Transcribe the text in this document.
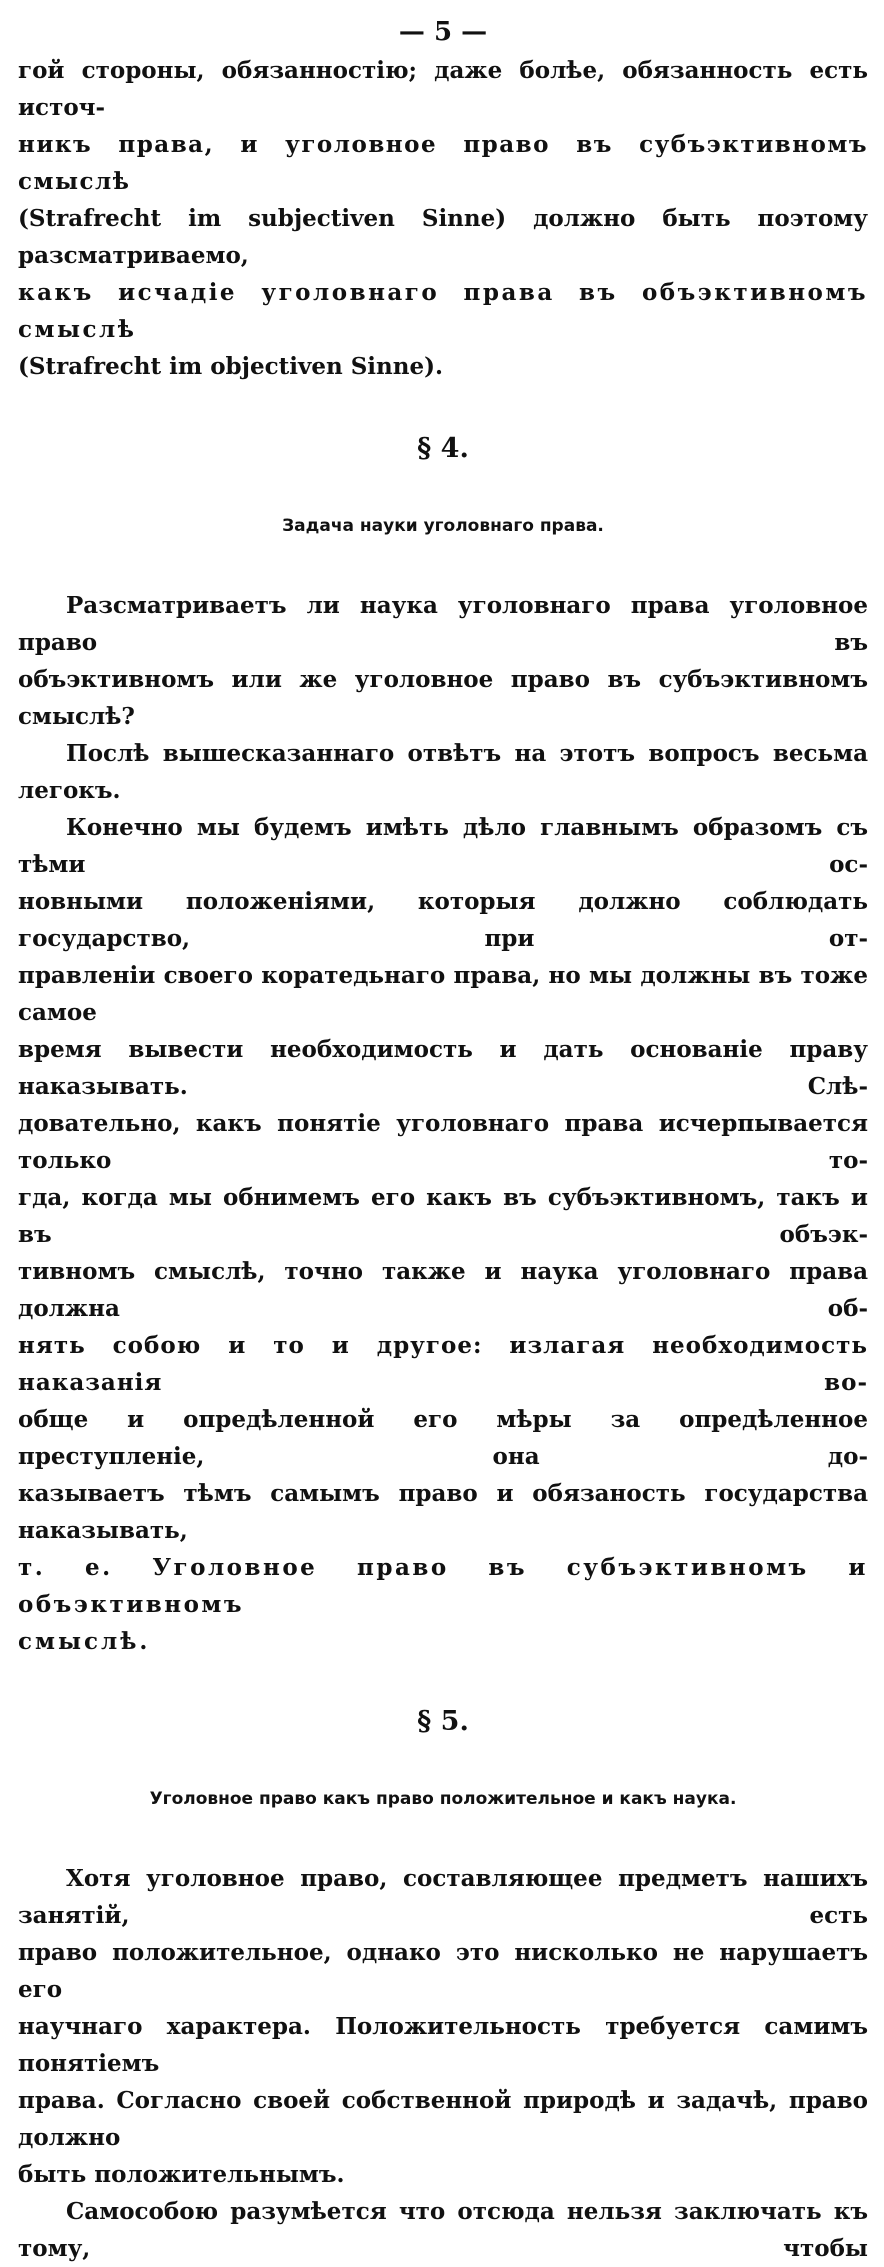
— 5 —
гой стороны, обязанностію; даже болѣе, обязанность есть источ-
никъ права, и уголовное право въ субъэктивномъ смыслѣ
(Strafrecht im subjectiven Sinne) должно быть поэтому разсматриваемо,
какъ исчадіе уголовнаго права въ объэктивномъ смыслѣ
(Strafrecht im objectiven Sinne).
§ 4.
Задача науки уголовнаго права.
Разсматриваетъ ли наука уголовнаго права уголовное право въ
объэктивномъ или же уголовное право въ субъэктивномъ смыслѣ?
Послѣ вышесказаннаго отвѣтъ на этотъ вопросъ весьма легокъ.
Конечно мы будемъ имѣть дѣло главнымъ образомъ съ тѣми ос-
новными положеніями, которыя должно соблюдать государство, при от-
правленіи своего коратедьнаго права, но мы должны въ тоже самое
время вывести необходимость и дать основаніе праву наказывать. Слѣ-
довательно, какъ понятіе уголовнаго права исчерпывается только то-
гда, когда мы обнимемъ его какъ въ субъэктивномъ, такъ и въ объэк-
тивномъ смыслѣ, точно также и наука уголовнаго права должна об-
нять собою и то и другое: излагая необходимость наказанія во-
обще и опредѣленной его мѣры за опредѣленное преступленіе, она до-
казываетъ тѣмъ самымъ право и обязаность государства наказывать,
т. е. Уголовное право въ субъэктивномъ и объэктивномъ
смыслѣ.
§ 5.
Уголовное право какъ право положительное и какъ наука.
Хотя уголовное право, составляющее предметъ нашихъ занятій, есть
право положительное, однако это нисколько не нарушаетъ его
научнаго характера. Положительность требуется самимъ понятіемъ
права. Согласно своей собственной природѣ и задачѣ, право должно
быть положительнымъ.
Самособою разумѣется что отсюда нельзя заключать къ тому, чтобы
